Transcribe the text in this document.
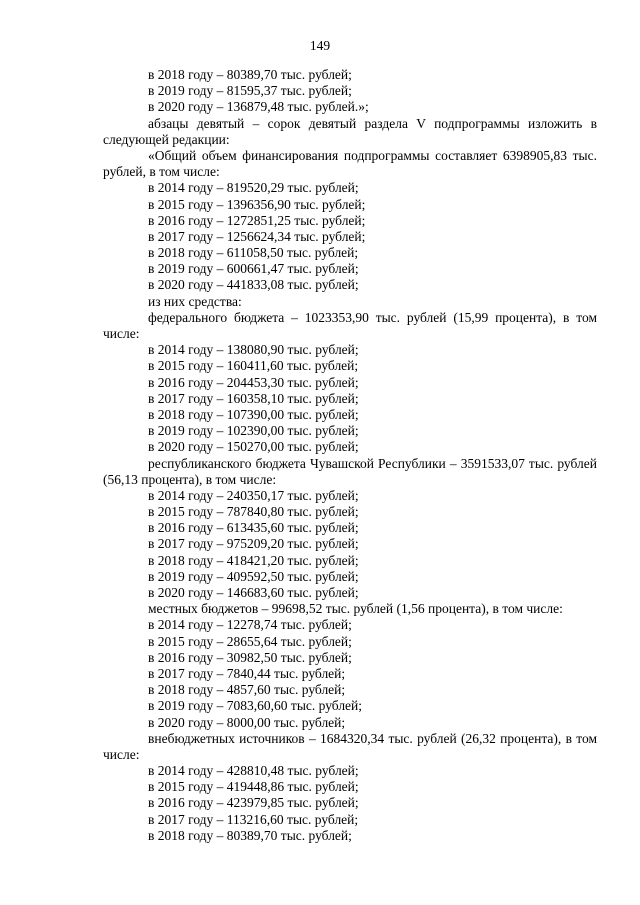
149
в 2018 году – 80389,70 тыс. рублей;
в 2019 году – 81595,37 тыс. рублей;
в 2020 году – 136879,48 тыс. рублей.»;
абзацы девятый – сорок девятый раздела V подпрограммы изложить в
следующей редакции:
«Общий объем финансирования подпрограммы составляет 6398905,83 тыс.
рублей, в том числе:
в 2014 году – 819520,29 тыс. рублей;
в 2015 году – 1396356,90 тыс. рублей;
в 2016 году – 1272851,25 тыс. рублей;
в 2017 году – 1256624,34 тыс. рублей;
в 2018 году – 611058,50 тыс. рублей;
в 2019 году – 600661,47 тыс. рублей;
в 2020 году – 441833,08 тыс. рублей;
из них средства:
федерального бюджета – 1023353,90 тыс. рублей (15,99 процента), в том
числе:
в 2014 году – 138080,90 тыс. рублей;
в 2015 году – 160411,60 тыс. рублей;
в 2016 году – 204453,30 тыс. рублей;
в 2017 году – 160358,10 тыс. рублей;
в 2018 году – 107390,00 тыс. рублей;
в 2019 году – 102390,00 тыс. рублей;
в 2020 году – 150270,00 тыс. рублей;
республиканского бюджета Чувашской Республики – 3591533,07 тыс. рублей
(56,13 процента), в том числе:
в 2014 году – 240350,17 тыс. рублей;
в 2015 году – 787840,80 тыс. рублей;
в 2016 году – 613435,60 тыс. рублей;
в 2017 году – 975209,20 тыс. рублей;
в 2018 году – 418421,20 тыс. рублей;
в 2019 году – 409592,50 тыс. рублей;
в 2020 году – 146683,60 тыс. рублей;
местных бюджетов – 99698,52 тыс. рублей (1,56 процента), в том числе:
в 2014 году – 12278,74 тыс. рублей;
в 2015 году – 28655,64 тыс. рублей;
в 2016 году – 30982,50 тыс. рублей;
в 2017 году – 7840,44 тыс. рублей;
в 2018 году – 4857,60 тыс. рублей;
в 2019 году – 7083,60,60 тыс. рублей;
в 2020 году – 8000,00 тыс. рублей;
внебюджетных источников – 1684320,34 тыс. рублей (26,32 процента), в том
числе:
в 2014 году – 428810,48 тыс. рублей;
в 2015 году – 419448,86 тыс. рублей;
в 2016 году – 423979,85 тыс. рублей;
в 2017 году – 113216,60 тыс. рублей;
в 2018 году – 80389,70 тыс. рублей;
